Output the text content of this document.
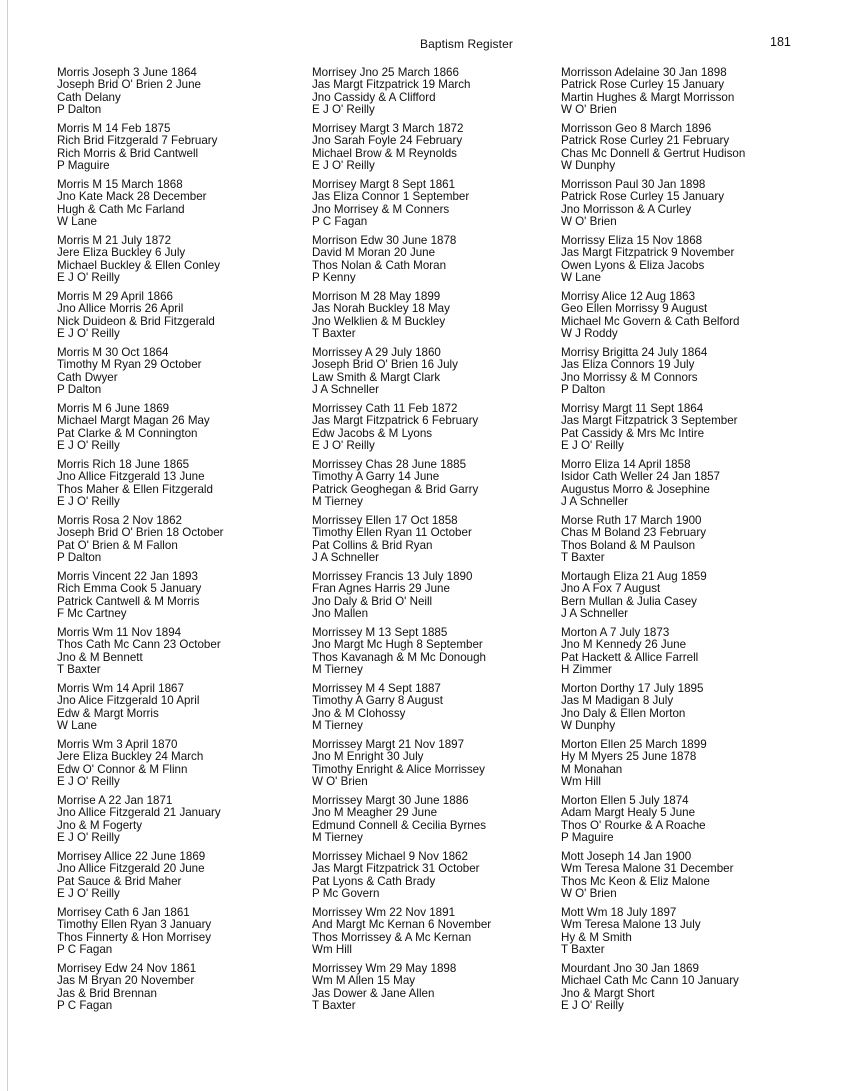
Baptism Register	181
Morris Joseph 3 June 1864
Joseph Brid O' Brien 2 June
Cath Delany
P Dalton
Morris M 14 Feb 1875
Rich Brid Fitzgerald 7 February
Rich Morris & Brid Cantwell
P Maguire
Morris M 15 March 1868
Jno Kate Mack 28 December
Hugh & Cath Mc Farland
W Lane
Morris M 21 July 1872
Jere Eliza Buckley 6 July
Michael Buckley & Ellen Conley
E J O' Reilly
Morris M 29 April 1866
Jno Allice Morris 26 April
Nick Duideon & Brid Fitzgerald
E J O' Reilly
Morris M 30 Oct 1864
Timothy M Ryan 29 October
Cath Dwyer
P Dalton
Morris M 6 June 1869
Michael Margt Magan 26 May
Pat Clarke & M Connington
E J O' Reilly
Morris Rich 18 June 1865
Jno Allice Fitzgerald 13 June
Thos Maher & Ellen Fitzgerald
E J O' Reilly
Morris Rosa 2 Nov 1862
Joseph Brid O' Brien 18 October
Pat O' Brien & M Fallon
P Dalton
Morris Vincent 22 Jan 1893
Rich Emma Cook 5 January
Patrick Cantwell & M Morris
F Mc Cartney
Morris Wm 11 Nov 1894
Thos Cath Mc Cann 23 October
Jno & M Bennett
T Baxter
Morris Wm 14 April 1867
Jno Alice Fitzgerald 10 April
Edw & Margt Morris
W Lane
Morris Wm 3 April 1870
Jere Eliza Buckley 24 March
Edw O' Connor & M Flinn
E J O' Reilly
Morrise A 22 Jan 1871
Jno Allice Fitzgerald 21 January
Jno & M Fogerty
E J O' Reilly
Morrisey Allice 22 June 1869
Jno Allice Fitzgerald 20 June
Pat Sauce & Brid Maher
E J O' Reilly
Morrisey Cath 6 Jan 1861
Timothy Ellen Ryan 3 January
Thos Finnerty & Hon Morrisey
P C Fagan
Morrisey Edw 24 Nov 1861
Jas M Bryan 20 November
Jas & Brid Brennan
P C Fagan
Morrisey Jno 25 March 1866
Jas Margt Fitzpatrick 19 March
Jno Cassidy & A Clifford
E J O' Reilly
Morrisey Margt 3 March 1872
Jno Sarah Foyle 24 February
Michael Brow & M Reynolds
E J O' Reilly
Morrisey Margt 8 Sept 1861
Jas Eliza Connor 1 September
Jno Morrisey & M Conners
P C Fagan
Morrison Edw 30 June 1878
David M Moran 20 June
Thos Nolan & Cath Moran
P Kenny
Morrison M 28 May 1899
Jas Norah Buckley 18 May
Jno Welklien & M Buckley
T Baxter
Morrissey A 29 July 1860
Joseph Brid O' Brien 16 July
Law Smith & Margt Clark
J A Schneller
Morrissey Cath 11 Feb 1872
Jas Margt Fitzpatrick 6 February
Edw Jacobs & M Lyons
E J O' Reilly
Morrissey Chas 28 June 1885
Timothy A Garry 14 June
Patrick Geoghegan & Brid Garry
M Tierney
Morrissey Ellen 17 Oct 1858
Timothy Ellen Ryan 11 October
Pat Collins & Brid Ryan
J A Schneller
Morrissey Francis 13 July 1890
Fran Agnes Harris 29 June
Jno Daly & Brid O' Neill
Jno Mallen
Morrissey M 13 Sept 1885
Jno Margt Mc Hugh 8 September
Thos Kavanagh & M Mc Donough
M Tierney
Morrissey M 4 Sept 1887
Timothy A Garry 8 August
Jno & M Clohossy
M Tierney
Morrissey Margt 21 Nov 1897
Jno M Enright 30 July
Timothy Enright & Alice Morrissey
W O' Brien
Morrissey Margt 30 June 1886
Jno M Meagher 29 June
Edmund Connell & Cecilia Byrnes
M Tierney
Morrissey Michael 9 Nov 1862
Jas Margt Fitzpatrick 31 October
Pat Lyons & Cath Brady
P Mc Govern
Morrissey Wm 22 Nov 1891
And Margt Mc Kernan 6 November
Thos Morrissey & A Mc Kernan
Wm Hill
Morrissey Wm 29 May 1898
Wm M Allen 15 May
Jas Dower & Jane Allen
T Baxter
Morrisson Adelaine 30 Jan 1898
Patrick Rose Curley 15 January
Martin Hughes & Margt Morrisson
W O' Brien
Morrisson Geo 8 March 1896
Patrick Rose Curley 21 February
Chas Mc Donnell & Gertrut Hudison
W Dunphy
Morrisson Paul 30 Jan 1898
Patrick Rose Curley 15 January
Jno Morrisson & A Curley
W O' Brien
Morrissy Eliza 15 Nov 1868
Jas Margt Fitzpatrick 9 November
Owen Lyons & Eliza Jacobs
W Lane
Morrisy Alice 12 Aug 1863
Geo Ellen Morrissy 9 August
Michael Mc Govern & Cath Belford
W J Roddy
Morrisy Brigitta 24 July 1864
Jas Eliza Connors 19 July
Jno Morrissy & M Connors
P Dalton
Morrisy Margt 11 Sept 1864
Jas Margt Fitzpatrick 3 September
Pat Cassidy & Mrs Mc Intire
E J O' Reilly
Morro Eliza 14 April 1858
Isidor Cath Weller 24 Jan 1857
Augustus Morro & Josephine
J A Schneller
Morse Ruth 17 March 1900
Chas M Boland 23 February
Thos Boland & M Paulson
T Baxter
Mortaugh Eliza 21 Aug 1859
Jno A Fox 7 August
Bern Mullan & Julia Casey
J A Schneller
Morton A 7 July 1873
Jno M Kennedy 26 June
Pat Hackett & Allice Farrell
H Zimmer
Morton Dorthy 17 July 1895
Jas M Madigan 8 July
Jno Daly & Ellen Morton
W Dunphy
Morton Ellen 25 March 1899
Hy M Myers 25 June 1878
M Monahan
Wm Hill
Morton Ellen 5 July 1874
Adam Margt Healy 5 June
Thos O' Rourke & A Roache
P Maguire
Mott Joseph 14 Jan 1900
Wm Teresa Malone 31 December
Thos Mc Keon & Eliz Malone
W O' Brien
Mott Wm 18 July 1897
Wm Teresa Malone 13 July
Hy & M Smith
T Baxter
Mourdant Jno 30 Jan 1869
Michael Cath Mc Cann 10 January
Jno & Margt Short
E J O' Reilly
